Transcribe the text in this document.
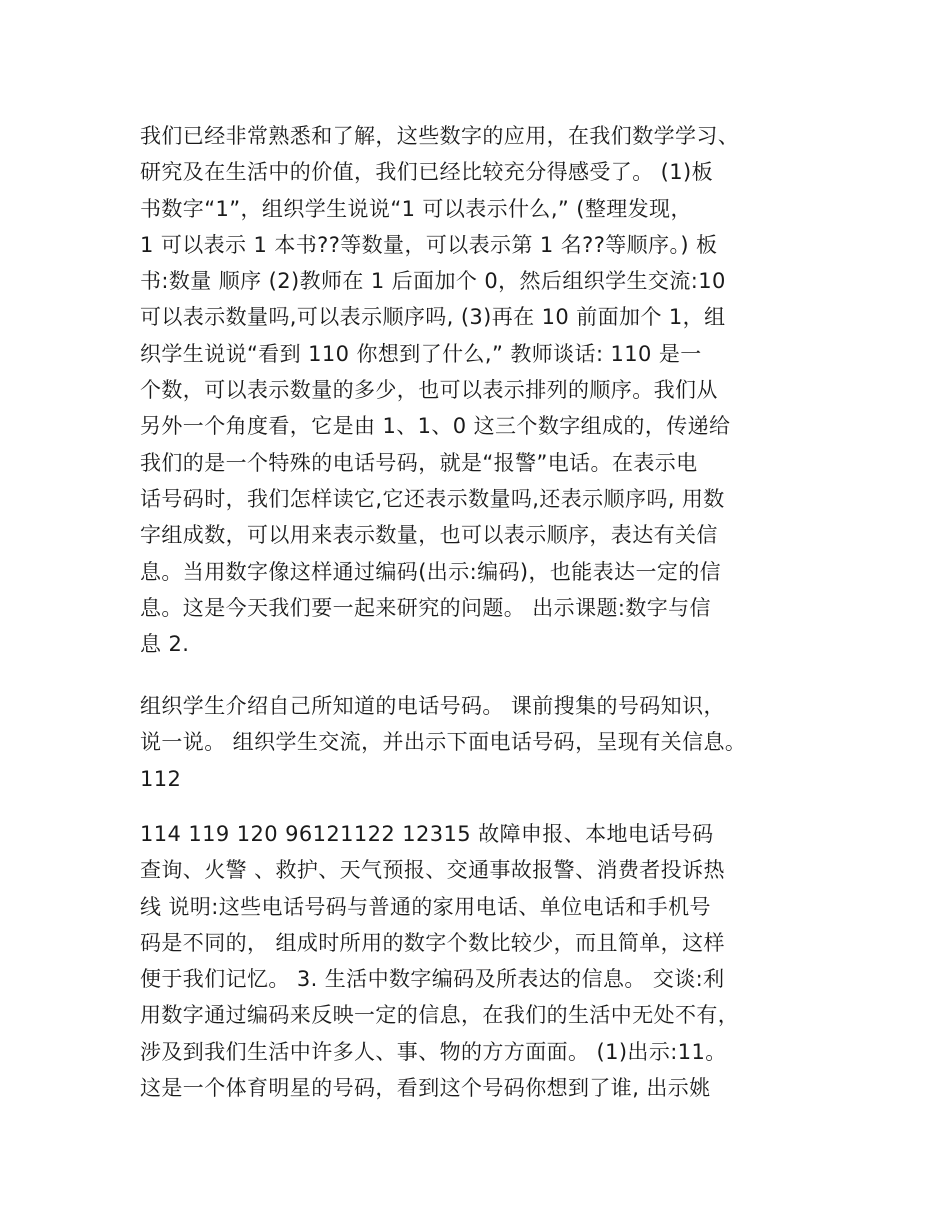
我们已经非常熟悉和了解，这些数字的应用，在我们数学学习、
研究及在生活中的价值，我们已经比较充分得感受了。 (1)板
书数字“1”，组织学生说说“1 可以表示什么,” (整理发现，
1 可以表示 1 本书??等数量，可以表示第 1 名??等顺序。) 板
书:数量 顺序 (2)教师在 1 后面加个 0，然后组织学生交流:10
可以表示数量吗,可以表示顺序吗, (3)再在 10 前面加个 1，组
织学生说说“看到 110 你想到了什么,” 教师谈话: 110 是一
个数，可以表示数量的多少，也可以表示排列的顺序。我们从
另外一个角度看，它是由 1、1、0 这三个数字组成的，传递给
我们的是一个特殊的电话号码，就是“报警”电话。在表示电
话号码时，我们怎样读它,它还表示数量吗,还表示顺序吗, 用数
字组成数，可以用来表示数量，也可以表示顺序，表达有关信
息。当用数字像这样通过编码(出示:编码)，也能表达一定的信
息。这是今天我们要一起来研究的问题。 出示课题:数字与信
息 2.
组织学生介绍自己所知道的电话号码。 课前搜集的号码知识，
说一说。 组织学生交流，并出示下面电话号码，呈现有关信息。
112
114 119 120 96121122 12315 故障申报、本地电话号码
查询、火警 、救护、天气预报、交通事故报警、消费者投诉热
线 说明:这些电话号码与普通的家用电话、单位电话和手机号
码是不同的， 组成时所用的数字个数比较少，而且简单，这样
便于我们记忆。 3. 生活中数字编码及所表达的信息。 交谈:利
用数字通过编码来反映一定的信息，在我们的生活中无处不有，
涉及到我们生活中许多人、事、物的方方面面。 (1)出示:11。
这是一个体育明星的号码，看到这个号码你想到了谁, 出示姚
